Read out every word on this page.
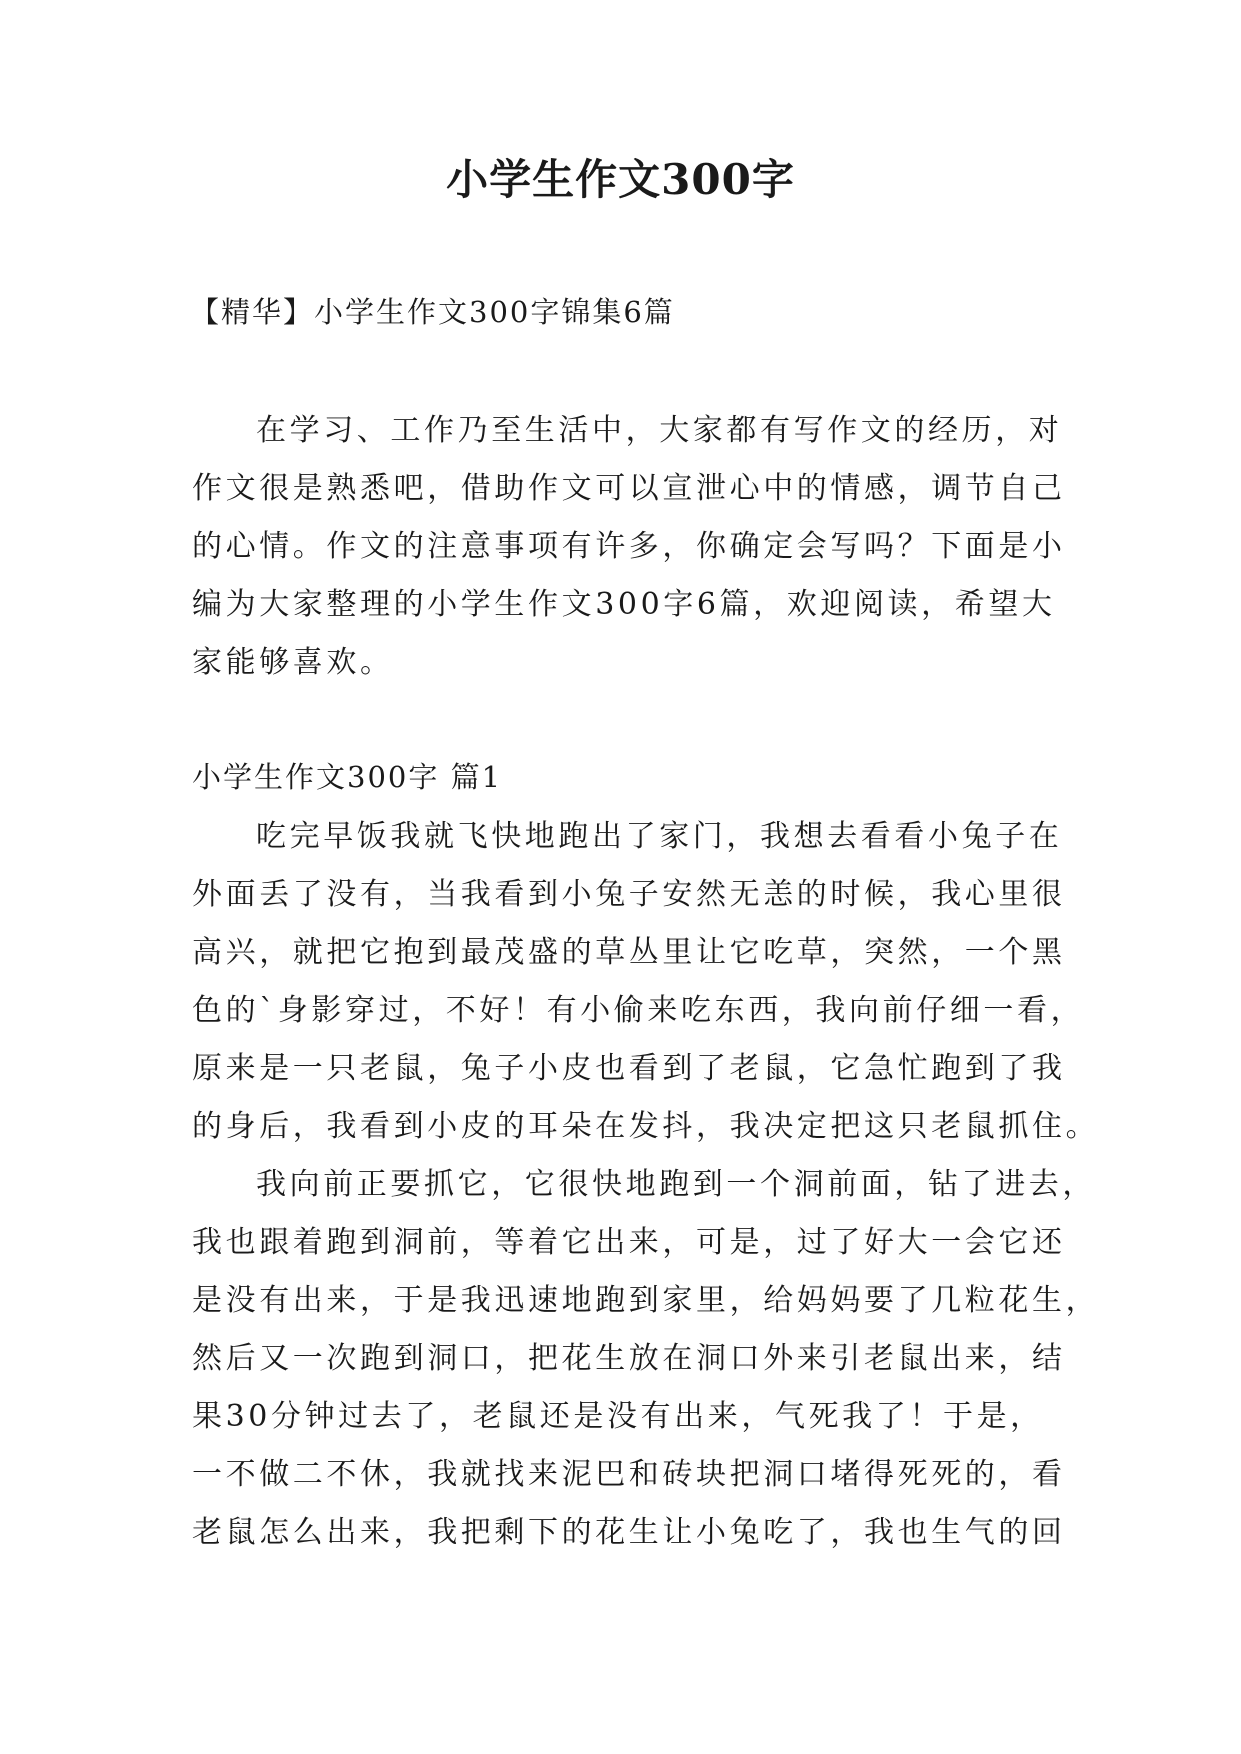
小学生作文300字
【精华】小学生作文300字锦集6篇
在学习、工作乃至生活中，大家都有写作文的经历，对
作文很是熟悉吧，借助作文可以宣泄心中的情感，调节自己
的心情。作文的注意事项有许多，你确定会写吗？下面是小
编为大家整理的小学生作文300字6篇，欢迎阅读，希望大
家能够喜欢。
小学生作文300字 篇1
吃完早饭我就飞快地跑出了家门，我想去看看小兔子在
外面丢了没有，当我看到小兔子安然无恙的时候，我心里很
高兴，就把它抱到最茂盛的草丛里让它吃草，突然，一个黑
色的`身影穿过，不好！有小偷来吃东西，我向前仔细一看，
原来是一只老鼠，兔子小皮也看到了老鼠，它急忙跑到了我
的身后，我看到小皮的耳朵在发抖，我决定把这只老鼠抓住。
我向前正要抓它，它很快地跑到一个洞前面，钻了进去，
我也跟着跑到洞前，等着它出来，可是，过了好大一会它还
是没有出来，于是我迅速地跑到家里，给妈妈要了几粒花生，
然后又一次跑到洞口，把花生放在洞口外来引老鼠出来，结
果30分钟过去了，老鼠还是没有出来，气死我了！于是，
一不做二不休，我就找来泥巴和砖块把洞口堵得死死的，看
老鼠怎么出来，我把剩下的花生让小兔吃了，我也生气的回
